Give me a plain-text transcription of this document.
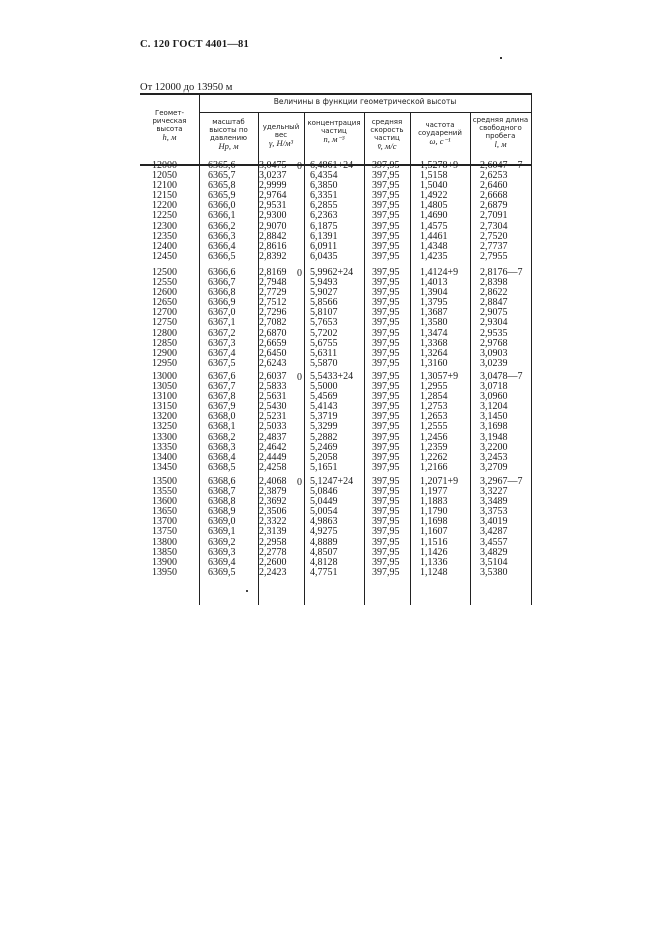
С. 120 ГОСТ 4401—81
От 12000 до 13950 м
Геомет-
рическая
высота
h, м
Величины в функции геометрической высоты
масштаб
высоты по
давлению
Hр, м
удельный
вес
γ, Н/м³
концентрация
частиц
n, м⁻³
средняя
скорость
частиц
v̄, м/с
частота
соударений
ω, с⁻¹
средняя длина
свободного
пробега
l, м
12000
12050
12100
12150
12200
12250
12300
12350
12400
12450
6365,6
6365,7
6365,8
6365,9
6366,0
6366,1
6366,2
6366,3
6366,4
6366,5
3,0475
3,0237
2,9999
2,9764
2,9531
2,9300
2,9070
2,8842
2,8616
2,8392
6,4861+24
6,4354
6,3850
6,3351
6,2855
6,2363
6,1875
6,1391
6,0911
6,0435
397,95
397,95
397,95
397,95
397,95
397,95
397,95
397,95
397,95
397,95
1,5278+9
1,5158
1,5040
1,4922
1,4805
1,4690
1,4575
1,4461
1,4348
1,4235
2,6047—7
2,6253
2,6460
2,6668
2,6879
2,7091
2,7304
2,7520
2,7737
2,7955
0
12500
12550
12600
12650
12700
12750
12800
12850
12900
12950
6366,6
6366,7
6366,8
6366,9
6367,0
6367,1
6367,2
6367,3
6367,4
6367,5
2,8169
2,7948
2,7729
2,7512
2,7296
2,7082
2,6870
2,6659
2,6450
2,6243
5,9962+24
5,9493
5,9027
5,8566
5,8107
5,7653
5,7202
5,6755
5,6311
5,5870
397,95
397,95
397,95
397,95
397,95
397,95
397,95
397,95
397,95
397,95
1,4124+9
1,4013
1,3904
1,3795
1,3687
1,3580
1,3474
1,3368
1,3264
1,3160
2,8176—7
2,8398
2,8622
2,8847
2,9075
2,9304
2,9535
2,9768
3,0903
3,0239
0
13000
13050
13100
13150
13200
13250
13300
13350
13400
13450
6367,6
6367,7
6367,8
6367,9
6368,0
6368,1
6368,2
6368,3
6368,4
6368,5
2,6037
2,5833
2,5631
2,5430
2,5231
2,5033
2,4837
2,4642
2,4449
2,4258
5,5433+24
5,5000
5,4569
5,4143
5,3719
5,3299
5,2882
5,2469
5,2058
5,1651
397,95
397,95
397,95
397,95
397,95
397,95
397,95
397,95
397,95
397,95
1,3057+9
1,2955
1,2854
1,2753
1,2653
1,2555
1,2456
1,2359
1,2262
1,2166
3,0478—7
3,0718
3,0960
3,1204
3,1450
3,1698
3,1948
3,2200
3,2453
3,2709
0
13500
13550
13600
13650
13700
13750
13800
13850
13900
13950
6368,6
6368,7
6368,8
6368,9
6369,0
6369,1
6369,2
6369,3
6369,4
6369,5
2,4068
2,3879
2,3692
2,3506
2,3322
2,3139
2,2958
2,2778
2,2600
2,2423
5,1247+24
5,0846
5,0449
5,0054
4,9863
4,9275
4,8889
4,8507
4,8128
4,7751
397,95
397,95
397,95
397,95
397,95
397,95
397,95
397,95
397,95
397,95
1,2071+9
1,1977
1,1883
1,1790
1,1698
1,1607
1,1516
1,1426
1,1336
1,1248
3,2967—7
3,3227
3,3489
3,3753
3,4019
3,4287
3,4557
3,4829
3,5104
3,5380
0
